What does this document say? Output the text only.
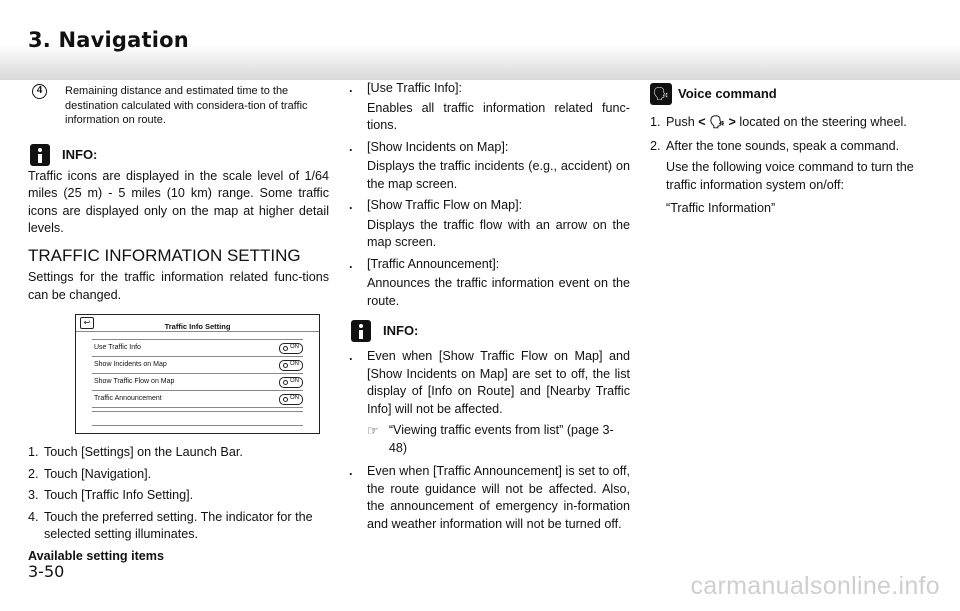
3. Navigation
4	Remaining distance and estimated time to the destination calculated with considera-tion of traffic information on route.
INFO:

Traffic icons are displayed in the scale level of 1/64 miles (25 m) - 5 miles (10 km) range. Some traffic icons are displayed only on the map at higher detail levels.

TRAFFIC INFORMATION SETTING

Settings for the traffic information related func-tions can be changed.

↩	Traffic Info Setting
Use Traffic Info	ON
Show Incidents on Map	ON
Show Traffic Flow on Map	ON
Traffic Announcement	ON
1. Touch [Settings] on the Launch Bar.
2. Touch [Navigation].
3. Touch [Traffic Info Setting].
4. Touch the preferred setting. The indicator for the selected setting illuminates.
Available setting items
.	[Use Traffic Info]:
Enables all traffic information related func-tions.
.	[Show Incidents on Map]:
Displays the traffic incidents (e.g., accident) on the map screen.
.	[Show Traffic Flow on Map]:
Displays the traffic flow with an arrow on the map screen.
.	[Traffic Announcement]:
Announces the traffic information event on the route.
INFO:
.	Even when [Show Traffic Flow on Map] and [Show Incidents on Map] are set to off, the list display of [Info on Route] and [Nearby Traffic Info] will not be affected.
☞ “Viewing traffic events from list” (page 3-48)
.	Even when [Traffic Announcement] is set to off, the route guidance will not be affected. Also, the announcement of emergency in-formation and weather information will not be turned off.
🗣 Voice command
1. Push < 🗣 > located on the steering wheel.
2. After the tone sounds, speak a command.
Use the following voice command to turn the traffic information system on/off:
“Traffic Information”
3-50
carmanualsonline.info
